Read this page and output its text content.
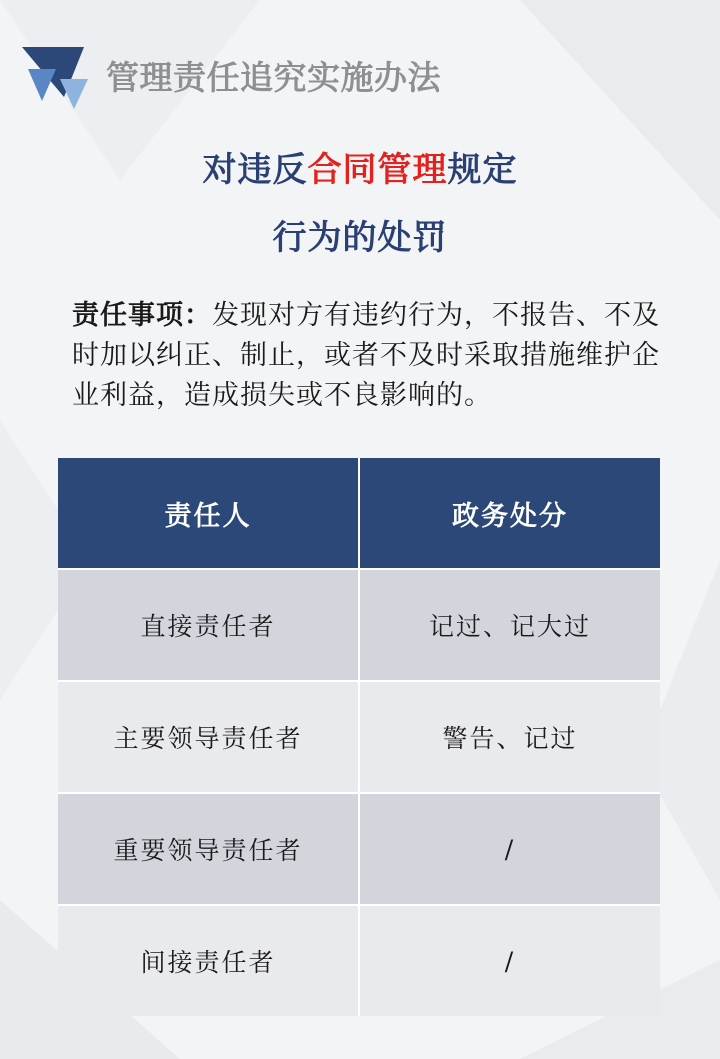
管理责任追究实施办法
对违反合同管理规定
行为的处罚
责任事项：发现对方有违约行为，不报告、不及时加以纠正、制止，或者不及时采取措施维护企业利益，造成损失或不良影响的。
责任人	政务处分
直接责任者	记过、记大过
主要领导责任者	警告、记过
重要领导责任者	/
间接责任者	/
